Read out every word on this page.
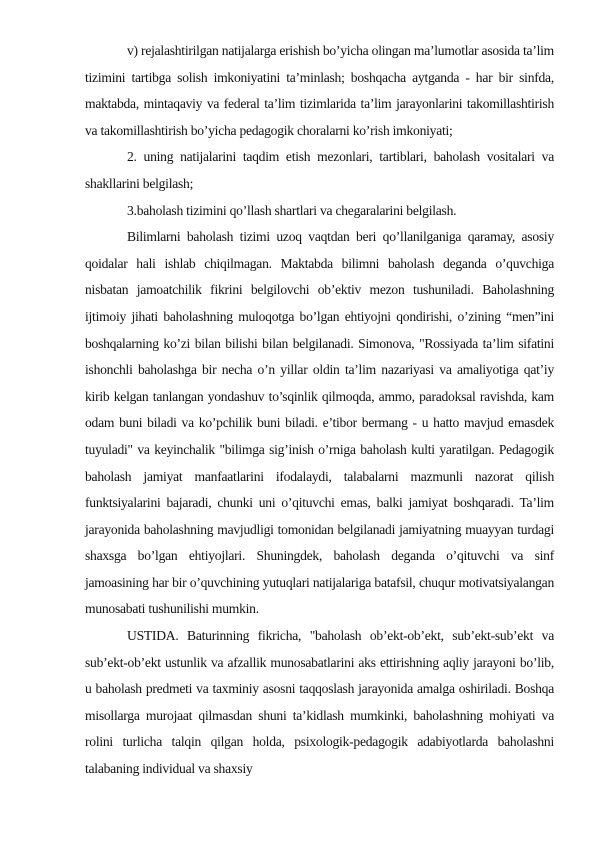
v) rejalashtirilgan natijalarga erishish bo’yicha olingan ma’lumotlar asosida ta’lim tizimini tartibga solish imkoniyatini ta’minlash; boshqacha aytganda - har bir sinfda, maktabda, mintaqaviy va federal ta’lim tizimlarida ta’lim jarayonlarini takomillashtirish va takomillashtirish bo’yicha pedagogik choralarni ko’rish imkoniyati;

2. uning natijalarini taqdim etish mezonlari, tartiblari, baholash vositalari va shakllarini belgilash;

3.baholash tizimini qo’llash shartlari va chegaralarini belgilash.

Bilimlarni baholash tizimi uzoq vaqtdan beri qo’llanilganiga qaramay, asosiy qoidalar hali ishlab chiqilmagan. Maktabda bilimni baholash deganda o’quvchiga nisbatan jamoatchilik fikrini belgilovchi ob’ektiv mezon tushuniladi. Baholashning ijtimoiy jihati baholashning muloqotga bo’lgan ehtiyojni qondirishi, o’zining “men”ini boshqalarning ko’zi bilan bilishi bilan belgilanadi. Simonova, "Rossiyada ta’lim sifatini ishonchli baholashga bir necha o’n yillar oldin ta’lim nazariyasi va amaliyotiga qat’iy kirib kelgan tanlangan yondashuv to’sqinlik qilmoqda, ammo, paradoksal ravishda, kam odam buni biladi va ko’pchilik buni biladi. e’tibor bermang - u hatto mavjud emasdek tuyuladi" va keyinchalik "bilimga sig’inish o’rniga baholash kulti yaratilgan. Pedagogik baholash jamiyat manfaatlarini ifodalaydi, talabalarni mazmunli nazorat qilish funktsiyalarini bajaradi, chunki uni o’qituvchi emas, balki jamiyat boshqaradi. Ta’lim jarayonida baholashning mavjudligi tomonidan belgilanadi jamiyatning muayyan turdagi shaxsga bo’lgan ehtiyojlari. Shuningdek, baholash deganda o’qituvchi va sinf jamoasining har bir o’quvchining yutuqlari natijalariga batafsil, chuqur motivatsiyalangan munosabati tushunilishi mumkin.

USTIDA. Baturinning fikricha, "baholash ob’ekt-ob’ekt, sub’ekt-sub’ekt va sub’ekt-ob’ekt ustunlik va afzallik munosabatlarini aks ettirishning aqliy jarayoni bo’lib, u baholash predmeti va taxminiy asosni taqqoslash jarayonida amalga oshiriladi. Boshqa misollarga murojaat qilmasdan shuni ta’kidlash mumkinki, baholashning mohiyati va rolini turlicha talqin qilgan holda, psixologik-pedagogik adabiyotlarda baholashni talabaning individual va shaxsiy
